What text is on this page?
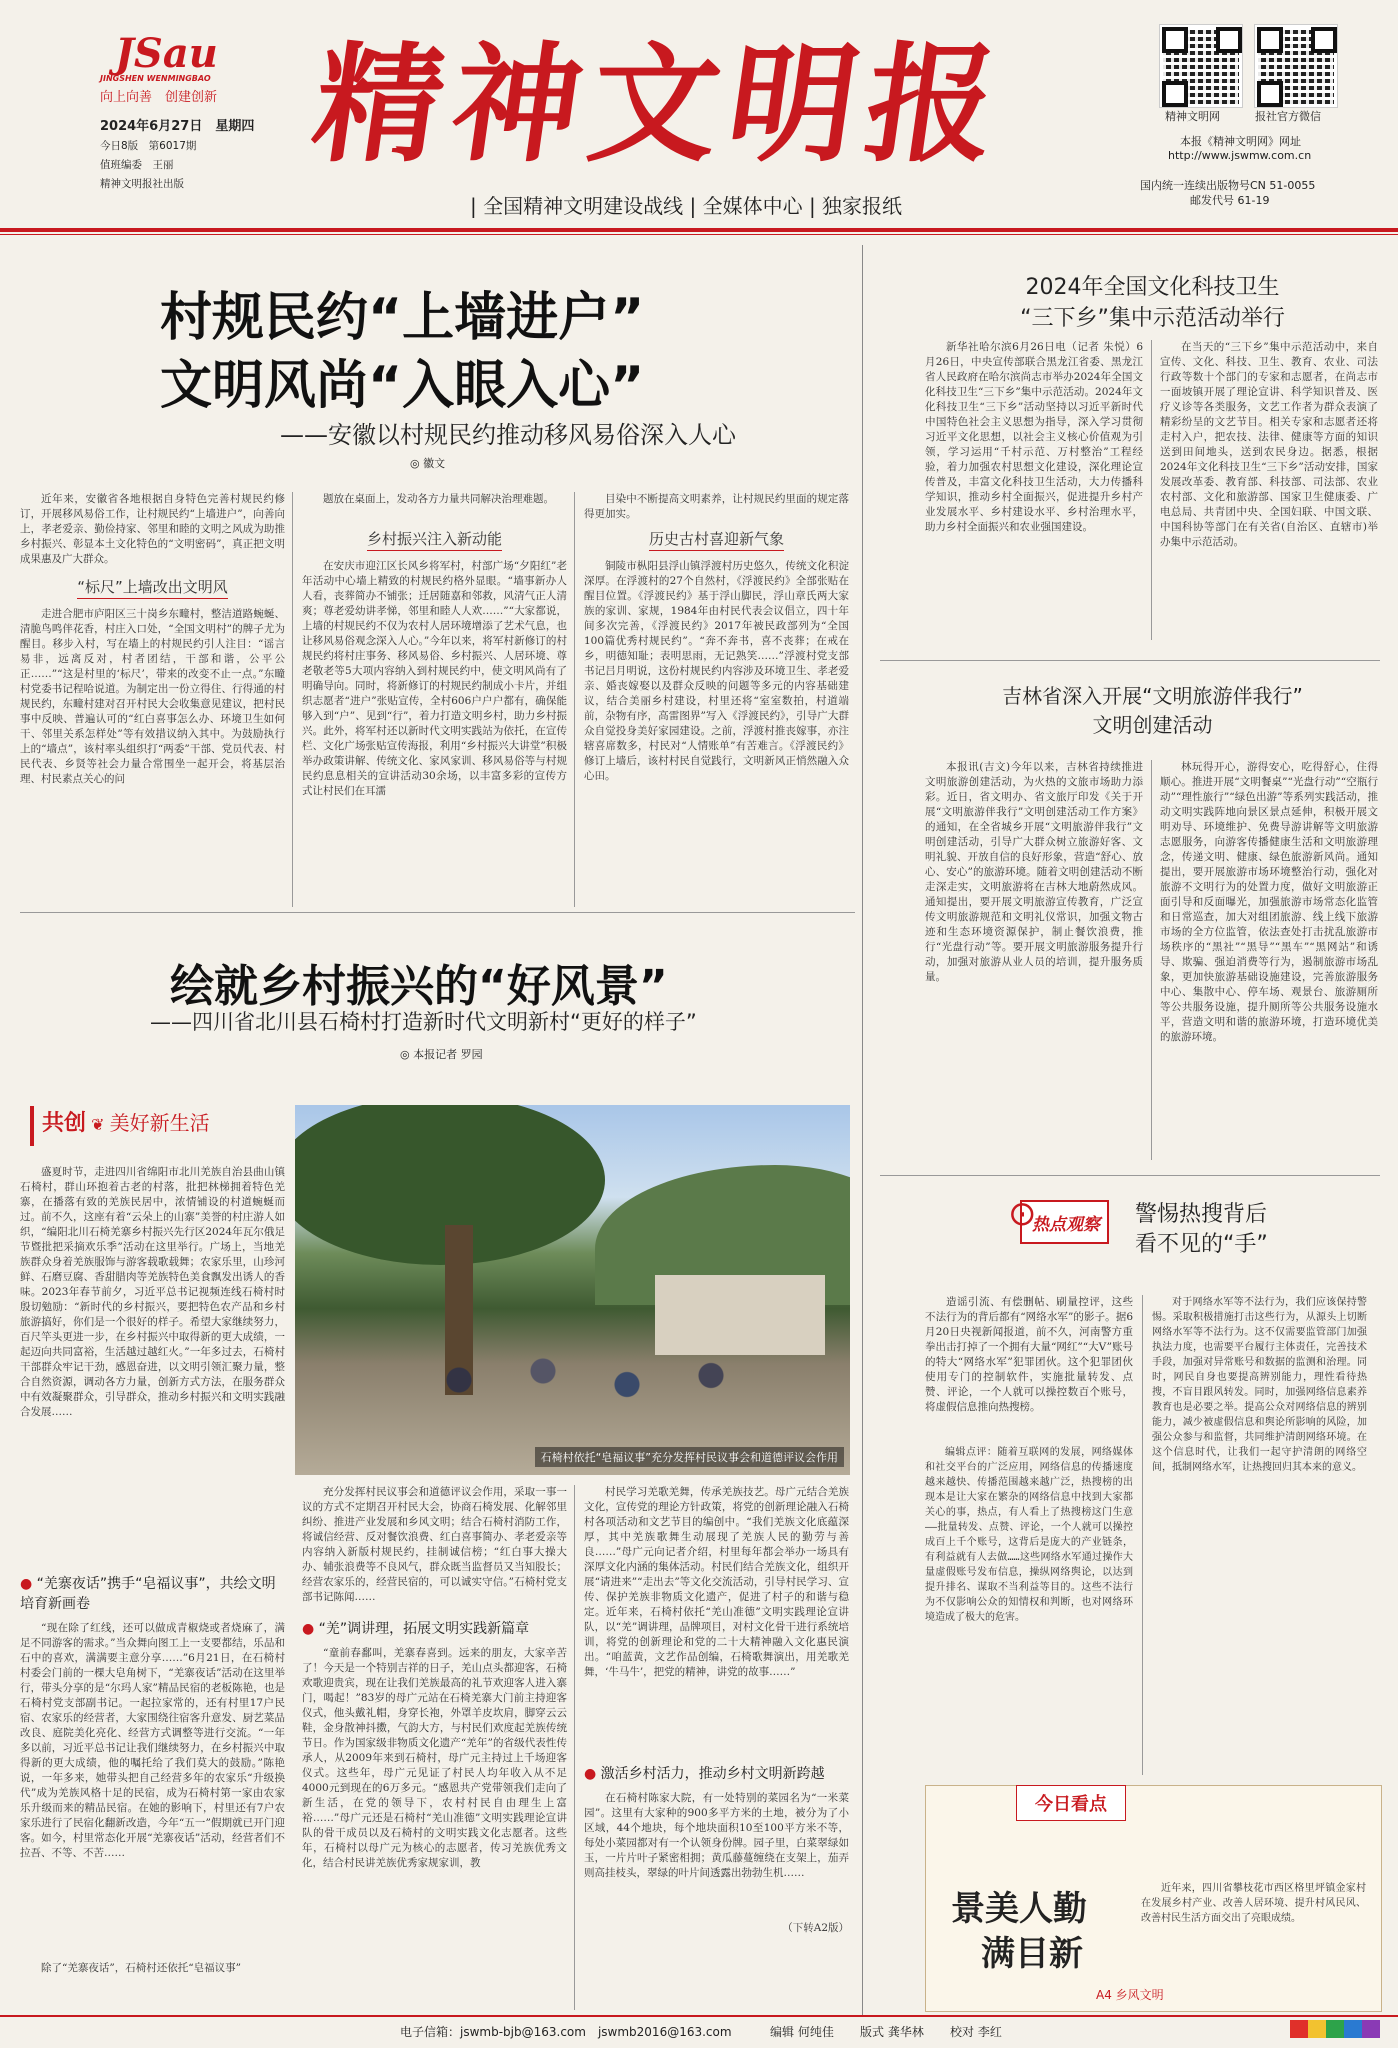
JSau
JINGSHEN WENMINGBAO
向上向善　创建创新
2024年6月27日　星期四
今日8版　第6017期
值班编委　王丽
精神文明报社出版
精神文明报	精神文明网	报社官方微信
本报《精神文明网》网址
http://www.jswmw.com.cn
国内统一连续出版物号CN 51-0055
邮发代号 61-19
| 全国精神文明建设战线 | 全媒体中心 | 独家报纸
村规民约“上墙进户”
文明风尚“入眼入心”
——安徽以村规民约推动移风易俗深入人心
◎ 徽文

近年来，安徽省各地根据自身特色完善村规民约修订，开展移风易俗工作，让村规民约“上墙进户”，向善向上，孝老爱亲、勤俭持家、邻里和睦的文明之风成为助推乡村振兴、彰显本土文化特色的“文明密码”，真正把文明成果惠及广大群众。

“标尺”上墙改出文明风

走进合肥市庐阳区三十岗乡东疃村，整洁道路蜿蜒、清脆鸟鸣伴花香，村庄入口处，“全国文明村”的牌子尤为醒目。移步入村，写在墙上的村规民约引人注目：“谣言易非，远离反对，村者团结，干部和谐，公平公正……”“这是村里的‘标尺’，带来的改变不止一点。”东疃村党委书记程哈说道。为制定出一份立得住、行得通的村规民约，东疃村建对召开村民大会收集意见建议，把村民事中反映、普遍认可的“红白喜事怎么办、环境卫生如何干、邻里关系怎样处”等有效措议纳入其中。为鼓励执行上的“墙点”，该村率头组织打“两委”干部、党员代表、村民代表、乡贤等社会力量合常围坐一起开会，将基层治理、村民素点关心的问

题放在桌面上，发动各方力量共同解决治理难题。

乡村振兴注入新动能

在安庆市迎江区长风乡将军村，村部广场“夕阳红”老年活动中心墙上精致的村规民约格外显眼。“墙事新办人人看，丧葬简办不铺张；迁居随嘉和邻救，风清气正人清爽；尊老爱幼讲孝悌，邻里和睦人人欢……”“大家都说，上墙的村规民约不仅为农村人居环境增添了艺术气息，也让移风易俗观念深入人心。”今年以来，将军村新修订的村规民约将村庄事务、移风易俗、乡村振兴、人居环境、尊老敬老等5大项内容纳入到村规民约中，使文明风尚有了明确导向。同时，将新修订的村规民约制成小卡片，并组织志愿者“进户”张贴宣传，全村606户户户都有，确保能够入到“户”、见到“行”，着力打造文明乡村，助力乡村振兴。此外，将军村还以新时代文明实践站为依托，在宣传栏、文化广场张贴宣传海报，利用“乡村振兴大讲堂”积极举办政策讲解、传统文化、家风家训、移风易俗等与村规民约息息相关的宣讲活动30余场，以丰富多彩的宣传方式让村民们在耳濡

目染中不断提高文明素养，让村规民约里面的规定落得更加实。

历史古村喜迎新气象

铜陵市枞阳县浮山镇浮渡村历史悠久，传统文化积淀深厚。在浮渡村的27个自然村，《浮渡民约》全部张贴在醒目位置。《浮渡民约》基于浮山脚民，浮山章氏两大家族的家训、家规，1984年由村民代表会议倡立，四十年间多次完善，《浮渡民约》2017年被民政部列为“全国100篇优秀村规民约”。“奔不奔书，喜不丧葬；在戒在乡，明德知耻；表明思雨，无记熟笑……”浮渡村党支部书记吕月明说，这份村规民约内容涉及环境卫生、孝老爱亲、婚丧嫁娶以及群众反映的问题等多元的内容基础建议，结合美丽乡村建设，村里还将“室室数拍，村道端前，杂物有序，高雷图界”写入《浮渡民约》，引导广大群众自觉投身美好家园建设。之前，浮渡村推丧嫁事，亦注辖喜席数多，村民对“人情账单”有苦难言。《浮渡民约》修订上墙后，该村村民自觉践行，文明新风正悄然融入众心田。

绘就乡村振兴的“好风景”
——四川省北川县石椅村打造新时代文明新村“更好的样子”
◎ 本报记者 罗园
共创 ❦ 美好新生活

盛夏时节，走进四川省绵阳市北川羌族自治县曲山镇石椅村，群山环抱着古老的村落，批把林梯拥着特色羌寨，在播落有致的羌族民居中，浓情铺设的村道蜿蜒而过。前不久，这座有着“云朵上的山寨”美誉的村庄游人如织，“编阳北川石椅羌寨乡村振兴先行区2024年瓦尔俄足节暨批把采摘欢乐季”活动在这里举行。广场上，当地羌族群众身着羌族服饰与游客载歌载舞；农家乐里，山珍河鲜、石磨豆腐、香甜腊肉等羌族特色美食飘发出诱人的香味。2023年春节前夕，习近平总书记视频连线石椅村时殷切勉励：“新时代的乡村振兴，要把特色农产品和乡村旅游搞好，你们是一个很好的样子。希望大家继续努力，百尺竿头更进一步，在乡村振兴中取得新的更大成绩，一起迈向共同富裕，生活越过越红火。”一年多过去，石椅村干部群众牢记干劲，感恩奋进，以文明引领汇聚力量，整合自然资源，调动各方力量，创新方式方法，在服务群众中有效凝聚群众，引导群众，推动乡村振兴和文明实践融合发展……

● “羌寨夜话”携手“皂福议事”，共绘文明培育新画卷

“现在除了红线，还可以做成青椒烧或者烧麻了，满足不同游客的需求。”当众舞向图工上一支要都结，乐品和石中的喜欢，满满要主意分享……”6月21日，在石椅村村委会门前的一棵大皂角树下，“羌寨夜话”活动在这里举行，带头分享的是“尔玛人家”精品民宿的老板陈艳，也是石椅村党支部副书记。一起拉家常的，还有村里17户民宿、农家乐的经营者，大家围绕往宿客升意发、厨艺菜品改良、庭院美化亮化、经营方式调整等进行交流。“一年多以前，习近平总书记让我们继续努力，在乡村振兴中取得新的更大成绩，他的嘱托给了我们莫大的鼓励。”陈艳说，一年多来，她带头把自己经营多年的农家乐“升级换代”成为羌族风格十足的民宿，成为石椅村第一家由农家乐升级而来的精品民宿。在她的影响下，村里还有7户农家乐进行了民宿化翻新改造，今年“五一”假期就已开门迎客。如今，村里常态化开展“羌寨夜话”活动，经营者们不拉吾、不等、不苦……

除了“羌寨夜话”，石椅村还依托“皂福议事”

石椅村依托“皂福议事”充分发挥村民议事会和道德评议会作用

充分发挥村民议事会和道德评议会作用，采取一事一议的方式不定期召开村民大会，协商石椅发展、化解邻里纠纷、推进产业发展和乡风文明；结合石椅村消防工作，将诚信经营、反对餐饮浪费、红白喜事简办、孝老爱亲等内容纳入新版村规民约，挂制诚信榜；“红白事大操大办、辅张浪费等不良风气，群众既当监督员又当知股长；经营农家乐的，经营民宿的，可以诚实守信。”石椅村党支部书记陈闻……

● “羌”调讲理，拓展文明实践新篇章

“童前春鄱叫，羌寨春喜到。远来的朋友，大家辛苦了！今天是一个特别吉祥的日子，羌山点头都迎客，石椅欢歌迎贵宾，现在让我们羌族最高的礼节欢迎客人进入寨门，喝起！”83岁的母广元站在石椅羌寨大门前主持迎客仪式，他头戴礼帽，身穿长袍，外罩羊皮坎肩，脚穿云云鞋，金身散神抖擞，气韵大方，与村民们欢度起羌族传统节日。作为国家级非物质文化遗产“羌年”的省级代表性传承人，从2009年来到石椅村，母广元主持过上千场迎客仪式。这些年，母广元见证了村民人均年收入从不足4000元到现在的6万多元。“感恩共产党带领我们走向了新生活，在党的领导下，农村村民自由理生上富裕……”母广元还是石椅村“羌山准德”文明实践理论宣讲队的骨干成员以及石椅村的文明实践文化志愿者。这些年，石椅村以母广元为核心的志愿者，传习羌族优秀文化，结合村民讲羌族优秀家规家训，教

村民学习羌歌羌舞，传承羌族技艺。母广元结合羌族文化，宣传党的理论方针政策，将党的创新理论融入石椅村各项活动和文艺节目的编创中。“我们羌族文化底蕴深厚，其中羌族歌舞生动展现了羌族人民的勤劳与善良……”母广元向记者介绍，村里每年都会举办一场具有深厚文化内涵的集体活动。村民们结合羌族文化，组织开展“请进来”“走出去”等文化交流活动，引导村民学习、宣传、保护羌族非物质文化遗产，促进了村子的和谐与稳定。近年来，石椅村依托“羌山准德”文明实践理论宣讲队，以“羌”调讲理，品牌项目，对村文化骨干进行系统培训，将党的创新理论和党的二十大精神融入文化惠民演出。“咱蓝黄，文艺作品创编，石椅歌舞演出，用羌歌羌舞，‘牛马牛’，把党的精神，讲党的故事……”

● 激活乡村活力，推动乡村文明新跨越

在石椅村陈家大院，有一处特别的菜园名为“一米菜园”。这里有大家种的900多平方米的土地，被分为了小区域，44个地块，每个地块面积10至100平方米不等，每处小菜园都对有一个认领身份牌。园子里，白菜翠绿如玉，一片片叶子紧密相拥；黄瓜藤蔓缠绕在支架上，茄弄则高挂枝头，翠绿的叶片间透露出勃勃生机……

（下转A2版）
2024年全国文化科技卫生
“三下乡”集中示范活动举行

新华社哈尔滨6月26日电（记者 朱悦）6月26日，中央宣传部联合黑龙江省委、黑龙江省人民政府在哈尔滨尚志市举办2024年全国文化科技卫生“三下乡”集中示范活动。2024年文化科技卫生“三下乡”活动坚持以习近平新时代中国特色社会主义思想为指导，深入学习贯彻习近平文化思想，以社会主义核心价值观为引领，学习运用“千村示范、万村整治”工程经验，着力加强农村思想文化建设，深化理论宣传普及，丰富文化科技卫生活动，大力传播科学知识，推动乡村全面振兴，促进提升乡村产业发展水平、乡村建设水平、乡村治理水平，助力乡村全面振兴和农业强国建设。

在当天的“三下乡”集中示范活动中，来自宣传、文化、科技、卫生、教育、农业、司法行政等数十个部门的专家和志愿者，在尚志市一面坡镇开展了理论宣讲、科学知识普及、医疗义诊等各类服务，文艺工作者为群众表演了精彩纷呈的文艺节目。相关专家和志愿者还将走村入户，把农技、法律、健康等方面的知识送到田间地头，送到农民身边。据悉，根据2024年文化科技卫生“三下乡”活动安排，国家发展改革委、教育部、科技部、司法部、农业农村部、文化和旅游部、国家卫生健康委、广电总局、共青团中央、全国妇联、中国文联、中国科协等部门在有关省(自治区、直辖市)举办集中示范活动。

吉林省深入开展“文明旅游伴我行”
文明创建活动

本报讯(吉文)今年以来，吉林省持续推进文明旅游创建活动，为火热的文旅市场助力添彩。近日，省文明办、省文旅厅印发《关于开展“文明旅游伴我行”文明创建活动工作方案》的通知，在全省城乡开展“文明旅游伴我行”文明创建活动，引导广大群众树立旅游好客、文明礼貌、开放自信的良好形象，营造“舒心、放心、安心”的旅游环境。随着文明创建活动不断走深走实，文明旅游将在吉林大地蔚然成风。通知提出，要开展文明旅游宣传教育，广泛宣传文明旅游规范和文明礼仪常识，加强文物古迹和生态环境资源保护，制止餐饮浪费，推行“光盘行动”等。要开展文明旅游服务提升行动，加强对旅游从业人员的培训，提升服务质量。

林玩得开心，游得安心，吃得舒心，住得顺心。推进开展“文明餐桌”“光盘行动”“空瓶行动”“理性旅行”“绿色出游”等系列实践活动，推动文明实践阵地向景区景点延伸，积极开展文明劝导、环境维护、免费导游讲解等文明旅游志愿服务，向游客传播健康生活和文明旅游理念，传递文明、健康、绿色旅游新风尚。通知提出，要开展旅游市场环境整治行动，强化对旅游不文明行为的处置力度，做好文明旅游正面引导和反面曝光，加强旅游市场常态化监管和日常巡查，加大对组团旅游、线上线下旅游市场的全方位监管，依法查处打击扰乱旅游市场秩序的“黑社”“黑导”“黑车”“黑网站”和诱导、欺骗、强迫消费等行为，遏制旅游市场乱象，更加快旅游基础设施建设，完善旅游服务中心、集散中心、停车场、观景台、旅游厕所等公共服务设施，提升厕所等公共服务设施水平，营造文明和谐的旅游环境，打造环境优美的旅游环境。

⊙
热点观察 警惕热搜背后
看不见的“手”

造谣引流、有偿删帖、刷量控评，这些不法行为的背后都有“网络水军”的影子。据6月20日央视新闻报道，前不久，河南警方重拳出击打掉了一个拥有大量“网红”“大V”账号的特大“网络水军”犯罪团伙。这个犯罪团伙使用专门的控制软件，实施批量转发、点赞、评论，一个人就可以操控数百个账号，将虚假信息推向热搜榜。

编辑点评：随着互联网的发展，网络媒体和社交平台的广泛应用，网络信息的传播速度越来越快、传播范围越来越广泛，热搜榜的出现本是让大家在繁杂的网络信息中找到大家都关心的事，热点，有人看上了热搜榜这门生意——批量转发、点赞、评论，一个人就可以操控成百上千个账号，这背后是庞大的产业链条，有利益就有人去做……这些网络水军通过操作大量虚假账号发布信息，操纵网络舆论，以达到提升排名、谋取不当利益等目的。这些不法行为不仅影响公众的知情权和判断，也对网络环境造成了极大的危害。

对于网络水军等不法行为，我们应该保持警惕。采取积极措施打击这些行为，从源头上切断网络水军等不法行为。这不仅需要监管部门加强执法力度，也需要平台履行主体责任，完善技术手段，加强对异常账号和数据的监测和治理。同时，网民自身也要提高辨别能力，理性看待热搜，不盲目跟风转发。同时，加强网络信息素养教育也是必要之举。提高公众对网络信息的辨别能力，减少被虚假信息和舆论所影响的风险，加强公众参与和监督，共同维护清朗网络环境。在这个信息时代，让我们一起守护清朗的网络空间，抵制网络水军，让热搜回归其本来的意义。

今日看点
景美人勤
满目新

近年来，四川省攀枝花市西区格里坪镇金家村在发展乡村产业、改善人居环境、提升村风民风、改善村民生活方面交出了亮眼成绩。

A4 乡风文明
电子信箱：jswmb-bjb@163.com　jswmb2016@163.com	编辑 何纯佳 版式 龚华林 校对 李红
